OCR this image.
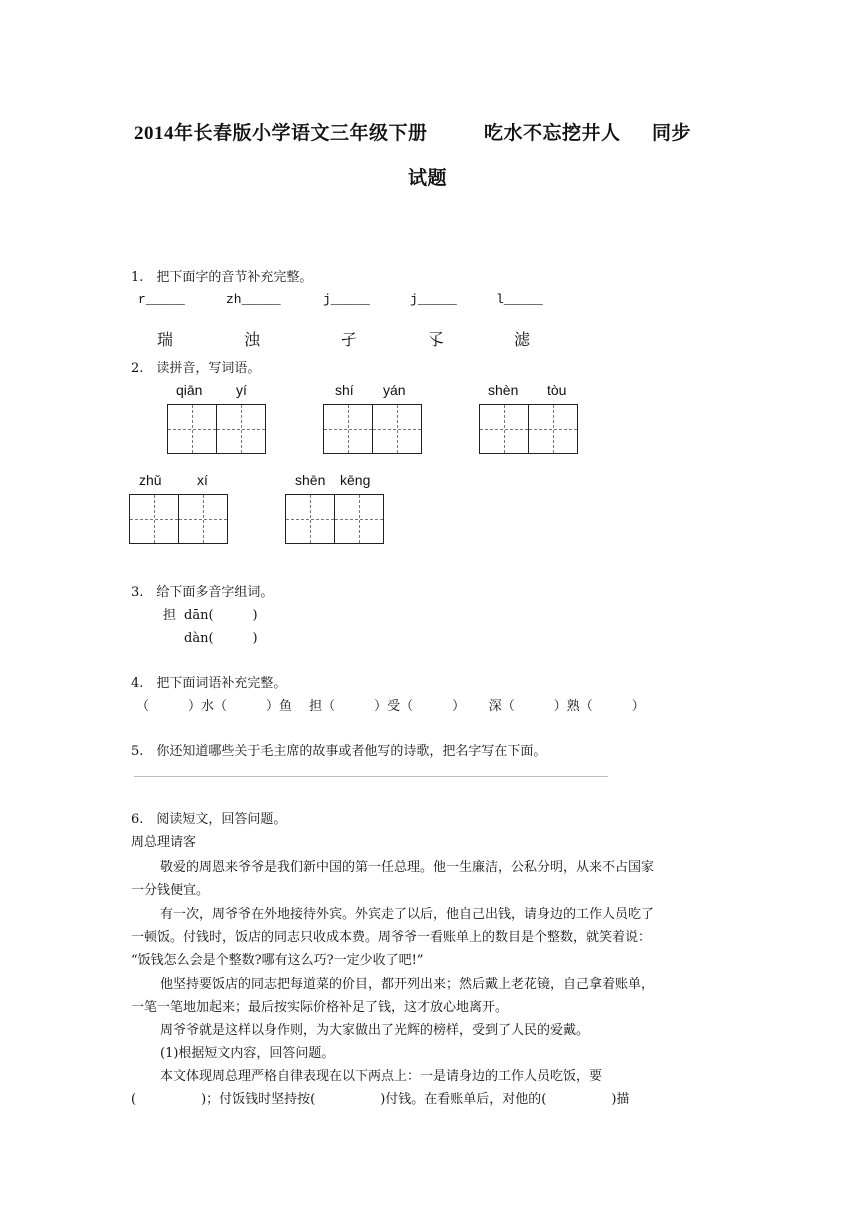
2014年长春版小学语文三年级下册	吃水不忘挖井人 同步
试题
1.　把下面字的音节补充完整。
r_____	zh_____	j_____	j_____	l_____
瑞	浊	孑	孓	滤
2.　读拼音，写词语。
qiān yí	shí yán	shèn tòu
zhǔ	xí	shēn kēng
3.　给下面多音字组词。
担 dān(　　　)
dàn(　　　)
4.　把下面词语补充完整。
（　　　）水（　　　）鱼　 担（　　　）受（　　　）　　 深（　　　）熟（　　　）
5.　你还知道哪些关于毛主席的故事或者他写的诗歌，把名字写在下面。
6.　阅读短文，回答问题。
周总理请客
敬爱的周恩来爷爷是我们新中国的第一任总理。他一生廉洁，公私分明，从来不占国家
一分钱便宜。
有一次，周爷爷在外地接待外宾。外宾走了以后，他自己出钱，请身边的工作人员吃了
一顿饭。付钱时，饭店的同志只收成本费。周爷爷一看账单上的数目是个整数，就笑着说：
“饭钱怎么会是个整数?哪有这么巧?一定少收了吧!”
他坚持要饭店的同志把每道菜的价目，都开列出来；然后戴上老花镜，自己拿着账单，
一笔一笔地加起来；最后按实际价格补足了钱，这才放心地离开。
周爷爷就是这样以身作则，为大家做出了光辉的榜样，受到了人民的爱戴。
(1)根据短文内容，回答问题。
本文体现周总理严格自律表现在以下两点上：一是请身边的工作人员吃饭，要
(　　　　　)；付饭钱时坚持按(　　　　　)付钱。在看账单后，对他的(　　　　　)描
